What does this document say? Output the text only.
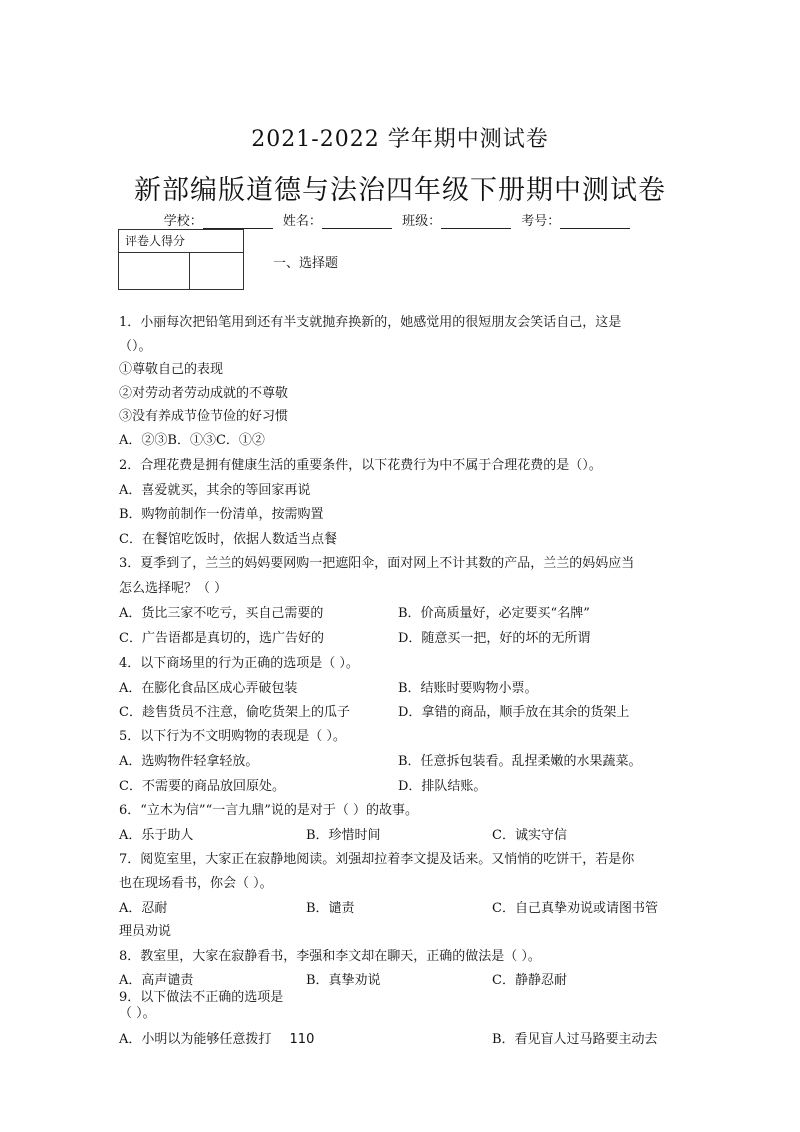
2021-2022 学年期中测试卷
新部编版道德与法治四年级下册期中测试卷
学校：	姓名：	班级：	考号：
评卷人得分
一、选择题
1．小丽每次把铅笔用到还有半支就抛弃换新的，她感觉用的很短朋友会笑话自己，这是
（）。
①尊敬自己的表现
②对劳动者劳动成就的不尊敬
③没有养成节俭节俭的好习惯
A．②③B．①③C．①②
2．合理花费是拥有健康生活的重要条件，以下花费行为中不属于合理花费的是（）。
A．喜爱就买，其余的等回家再说
B．购物前制作一份清单，按需购置
C．在餐馆吃饭时，依据人数适当点餐
3．夏季到了，兰兰的妈妈要网购一把遮阳伞，面对网上不计其数的产品，兰兰的妈妈应当
怎么选择呢？（ ）
A．货比三家不吃亏，买自己需要的	B．价高质量好，必定要买“名牌”
C．广告语都是真切的，选广告好的	D．随意买一把，好的坏的无所谓
4．以下商场里的行为正确的选项是（ ）。
A．在膨化食品区成心弄破包装	B．结账时要购物小票。
C．趁售货员不注意，偷吃货架上的瓜子	D．拿错的商品，顺手放在其余的货架上
5．以下行为不文明购物的表现是（ ）。
A．选购物件轻拿轻放。	B．任意拆包装看。乱捏柔嫩的水果蔬菜。
C．不需要的商品放回原处。	D．排队结账。
6．“立木为信”“一言九鼎”说的是对于（ ）的故事。
A．乐于助人	B．珍惜时间	C．诚实守信
7．阅览室里，大家正在寂静地阅读。刘强却拉着李文提及话来。又悄悄的吃饼干，若是你
也在现场看书，你会（ ）。
A．忍耐	B．谴责	C．自己真挚劝说或请图书管
理员劝说
8．教室里，大家在寂静看书，李强和李文却在聊天，正确的做法是（ ）。
A．高声谴责	B．真挚劝说	C．静静忍耐
9．以下做法不正确的选项是
（ ）。
A．小明以为能够任意拨打 110	B．看见盲人过马路要主动去
